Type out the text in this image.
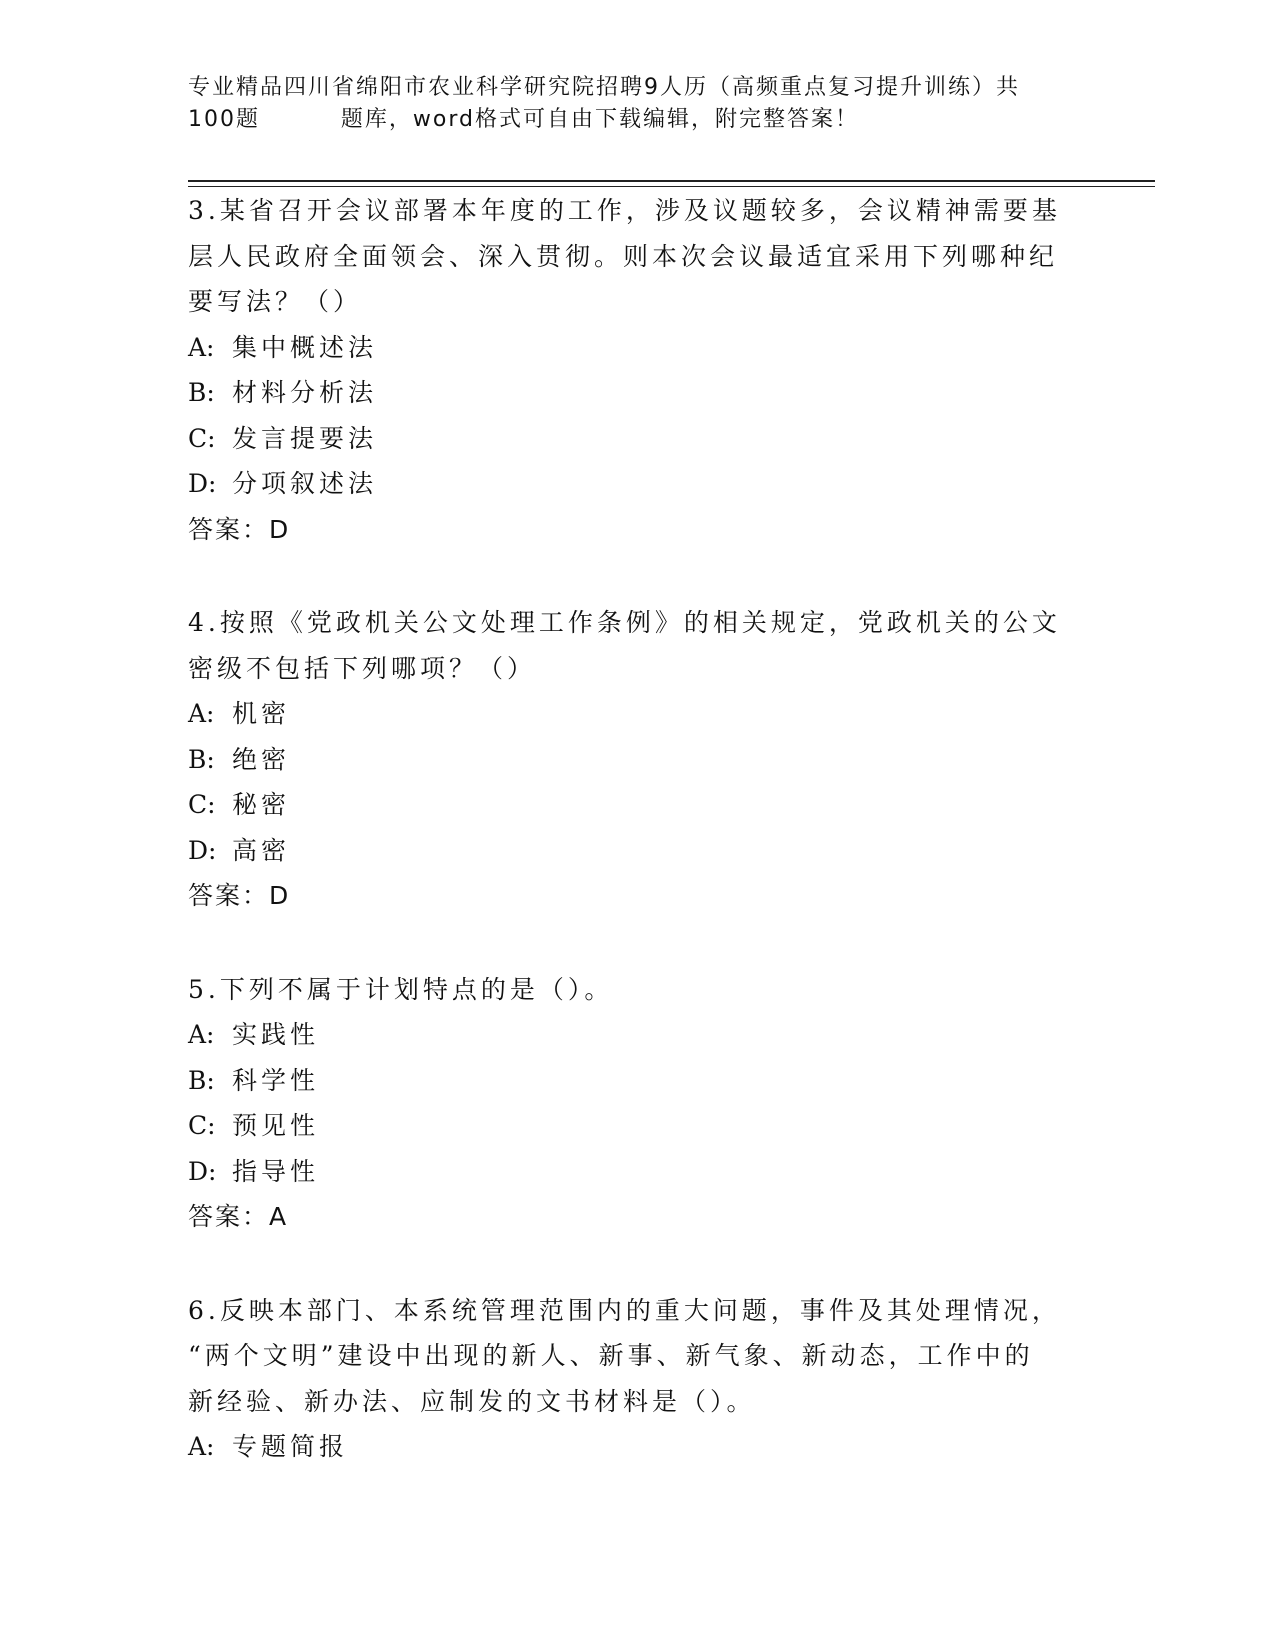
专业精品四川省绵阳市农业科学研究院招聘9人历（高频重点复习提升训练）共
100题         题库，word格式可自由下载编辑，附完整答案！
3.某省召开会议部署本年度的工作，涉及议题较多，会议精神需要基
层人民政府全面领会、深入贯彻。则本次会议最适宜采用下列哪种纪
要写法？（）
A: 集中概述法
B: 材料分析法
C: 发言提要法
D: 分项叙述法
答案：D
4.按照《党政机关公文处理工作条例》的相关规定，党政机关的公文
密级不包括下列哪项？（）
A: 机密
B: 绝密
C: 秘密
D: 高密
答案：D
5.下列不属于计划特点的是（）。
A: 实践性
B: 科学性
C: 预见性
D: 指导性
答案：A
6.反映本部门、本系统管理范围内的重大问题，事件及其处理情况，
“两个文明”建设中出现的新人、新事、新气象、新动态，工作中的
新经验、新办法、应制发的文书材料是（）。
A: 专题简报
